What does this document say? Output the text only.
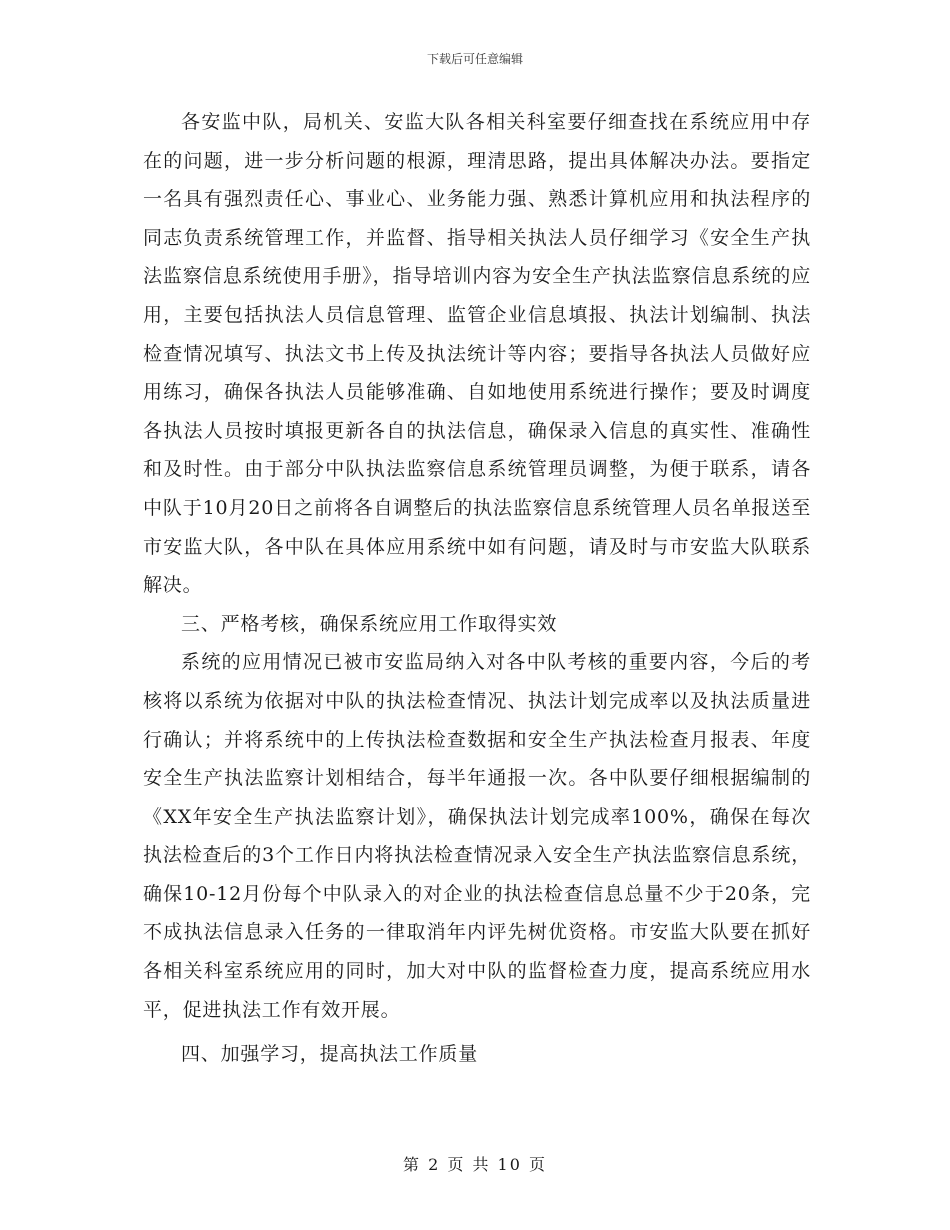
下载后可任意编辑

各安监中队，局机关、安监大队各相关科室要仔细查找在系统应用中存在的问题，进一步分析问题的根源，理清思路，提出具体解决办法。要指定一名具有强烈责任心、事业心、业务能力强、熟悉计算机应用和执法程序的同志负责系统管理工作，并监督、指导相关执法人员仔细学习《安全生产执法监察信息系统使用手册》，指导培训内容为安全生产执法监察信息系统的应用，主要包括执法人员信息管理、监管企业信息填报、执法计划编制、执法检查情况填写、执法文书上传及执法统计等内容；要指导各执法人员做好应用练习，确保各执法人员能够准确、自如地使用系统进行操作；要及时调度各执法人员按时填报更新各自的执法信息，确保录入信息的真实性、准确性和及时性。由于部分中队执法监察信息系统管理员调整，为便于联系，请各中队于10月20日之前将各自调整后的执法监察信息系统管理人员名单报送至市安监大队，各中队在具体应用系统中如有问题，请及时与市安监大队联系解决。

三、严格考核，确保系统应用工作取得实效

系统的应用情况已被市安监局纳入对各中队考核的重要内容，今后的考核将以系统为依据对中队的执法检查情况、执法计划完成率以及执法质量进行确认；并将系统中的上传执法检查数据和安全生产执法检查月报表、年度安全生产执法监察计划相结合，每半年通报一次。各中队要仔细根据编制的《XX年安全生产执法监察计划》，确保执法计划完成率100%，确保在每次执法检查后的3个工作日内将执法检查情况录入安全生产执法监察信息系统，确保10-12月份每个中队录入的对企业的执法检查信息总量不少于20条，完不成执法信息录入任务的一律取消年内评先树优资格。市安监大队要在抓好各相关科室系统应用的同时，加大对中队的监督检查力度，提高系统应用水平，促进执法工作有效开展。

四、加强学习，提高执法工作质量

第 2 页 共 10 页
